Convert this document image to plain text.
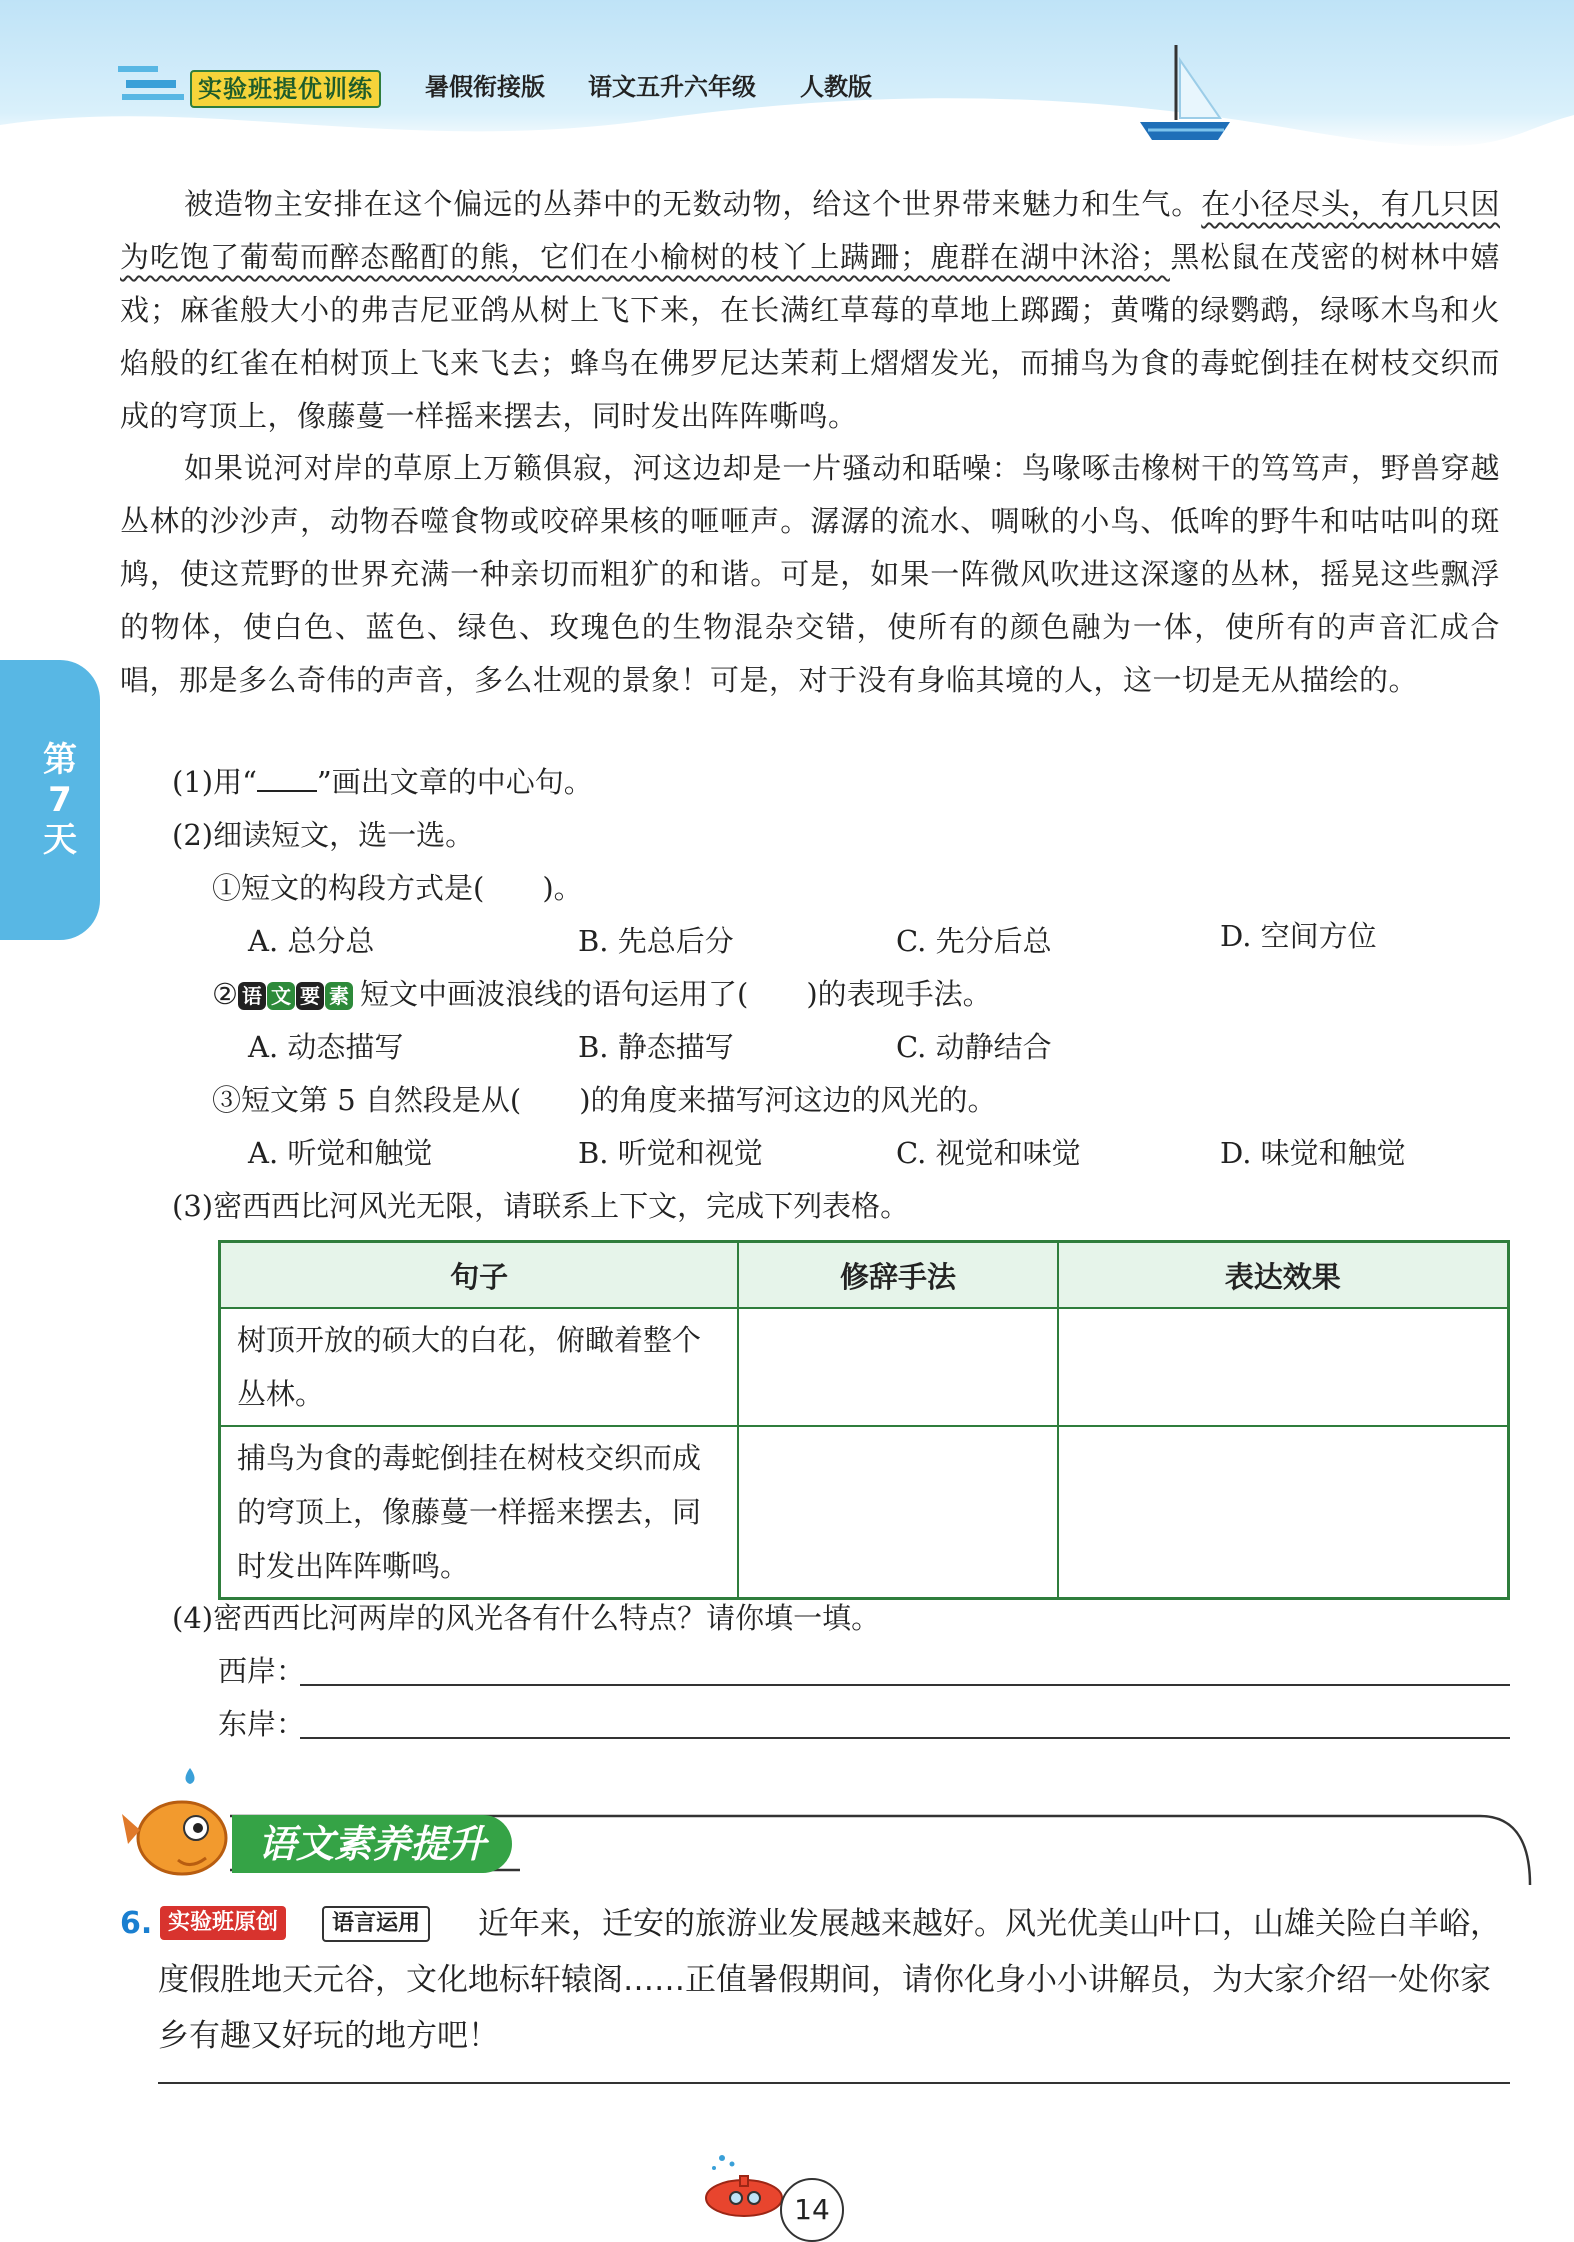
实验班提优训练	暑假衔接版 语文五升六年级 人教版
第
7
天

被造物主安排在这个偏远的丛莽中的无数动物，给这个世界带来魅力和生气。在小径尽头，有几只因为吃饱了葡萄而醉态酩酊的熊，它们在小榆树的枝丫上蹒跚；鹿群在湖中沐浴；黑松鼠在茂密的树林中嬉戏；麻雀般大小的弗吉尼亚鸽从树上飞下来，在长满红草莓的草地上踯躅；黄嘴的绿鹦鹉，绿啄木鸟和火焰般的红雀在柏树顶上飞来飞去；蜂鸟在佛罗尼达茉莉上熠熠发光，而捕鸟为食的毒蛇倒挂在树枝交织而成的穹顶上，像藤蔓一样摇来摆去，同时发出阵阵嘶鸣。

如果说河对岸的草原上万籁俱寂，河这边却是一片骚动和聒噪：鸟喙啄击橡树干的笃笃声，野兽穿越丛林的沙沙声，动物吞噬食物或咬碎果核的咂咂声。潺潺的流水、啁啾的小鸟、低哞的野牛和咕咕叫的斑鸠，使这荒野的世界充满一种亲切而粗犷的和谐。可是，如果一阵微风吹进这深邃的丛林，摇晃这些飘浮的物体，使白色、蓝色、绿色、玫瑰色的生物混杂交错，使所有的颜色融为一体，使所有的声音汇成合唱，那是多么奇伟的声音，多么壮观的景象！可是，对于没有身临其境的人，这一切是无从描绘的。

(1)用“ ”画出文章的中心句。
(2)细读短文，选一选。
①短文的构段方式是(　　)。
A. 总分总	B. 先总后分	C. 先分后总	D. 空间方位
② 语 文 要 素 短文中画波浪线的语句运用了(　　)的表现手法。
A. 动态描写	B. 静态描写	C. 动静结合
③短文第 5 自然段是从(　　)的角度来描写河这边的风光的。
A. 听觉和触觉	B. 听觉和视觉	C. 视觉和味觉	D. 味觉和触觉
(3)密西西比河风光无限，请联系上下文，完成下列表格。
句子	修辞手法	表达效果
树顶开放的硕大的白花，俯瞰着整个丛林。		
捕鸟为食的毒蛇倒挂在树枝交织而成的穹顶上，像藤蔓一样摇来摆去，同时发出阵阵嘶鸣。		
(4)密西西比河两岸的风光各有什么特点？请你填一填。
西岸：
东岸：
语文素养提升

近年来，迁安的旅游业发展越来越好。风光优美山叶口，山雄关险白羊峪，度假胜地天元谷，文化地标轩辕阁……正值暑假期间，请你化身小小讲解员，为大家介绍一处你家乡有趣又好玩的地方吧！

6. 实验班原创	语言运用
14
